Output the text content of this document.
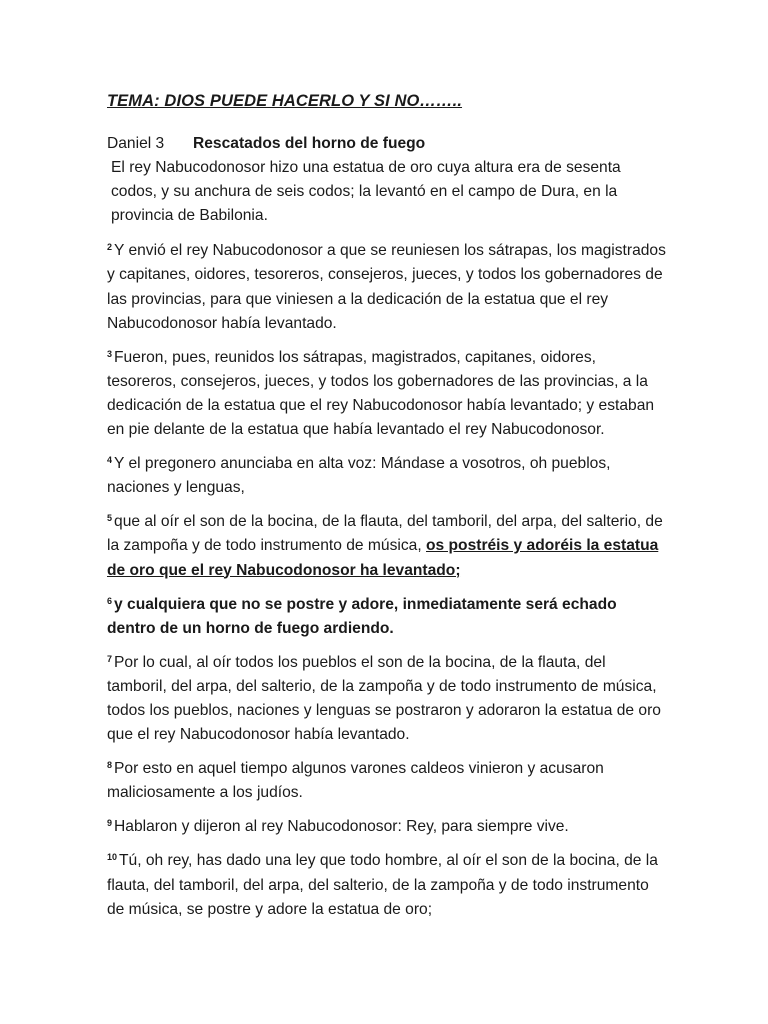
TEMA: DIOS PUEDE HACERLO Y SI NO……..
Daniel 3 Rescatados del horno de fuego

El rey Nabucodonosor hizo una estatua de oro cuya altura era de sesenta codos, y su anchura de seis codos; la levantó en el campo de Dura, en la provincia de Babilonia.

$^2$ Y envió el rey Nabucodonosor a que se reuniesen los sátrapas, los magistrados y capitanes, oidores, tesoreros, consejeros, jueces, y todos los gobernadores de las provincias, para que viniesen a la dedicación de la estatua que el rey Nabucodonosor había levantado.

$^3$ Fueron, pues, reunidos los sátrapas, magistrados, capitanes, oidores, tesoreros, consejeros, jueces, y todos los gobernadores de las provincias, a la dedicación de la estatua que el rey Nabucodonosor había levantado; y estaban en pie delante de la estatua que había levantado el rey Nabucodonosor.

$^4$ Y el pregonero anunciaba en alta voz: Mándase a vosotros, oh pueblos, naciones y lenguas,

$^5$ que al oír el son de la bocina, de la flauta, del tamboril, del arpa, del salterio, de la zampoña y de todo instrumento de música, os postréis y adoréis la estatua de oro que el rey Nabucodonosor ha levantado;

$^6$ y cualquiera que no se postre y adore, inmediatamente será echado dentro de un horno de fuego ardiendo.

$^7$ Por lo cual, al oír todos los pueblos el son de la bocina, de la flauta, del tamboril, del arpa, del salterio, de la zampoña y de todo instrumento de música, todos los pueblos, naciones y lenguas se postraron y adoraron la estatua de oro que el rey Nabucodonosor había levantado.

$^8$ Por esto en aquel tiempo algunos varones caldeos vinieron y acusaron maliciosamente a los judíos.

$^9$ Hablaron y dijeron al rey Nabucodonosor: Rey, para siempre vive.

$^{10}$ Tú, oh rey, has dado una ley que todo hombre, al oír el son de la bocina, de la flauta, del tamboril, del arpa, del salterio, de la zampoña y de todo instrumento de música, se postre y adore la estatua de oro;
